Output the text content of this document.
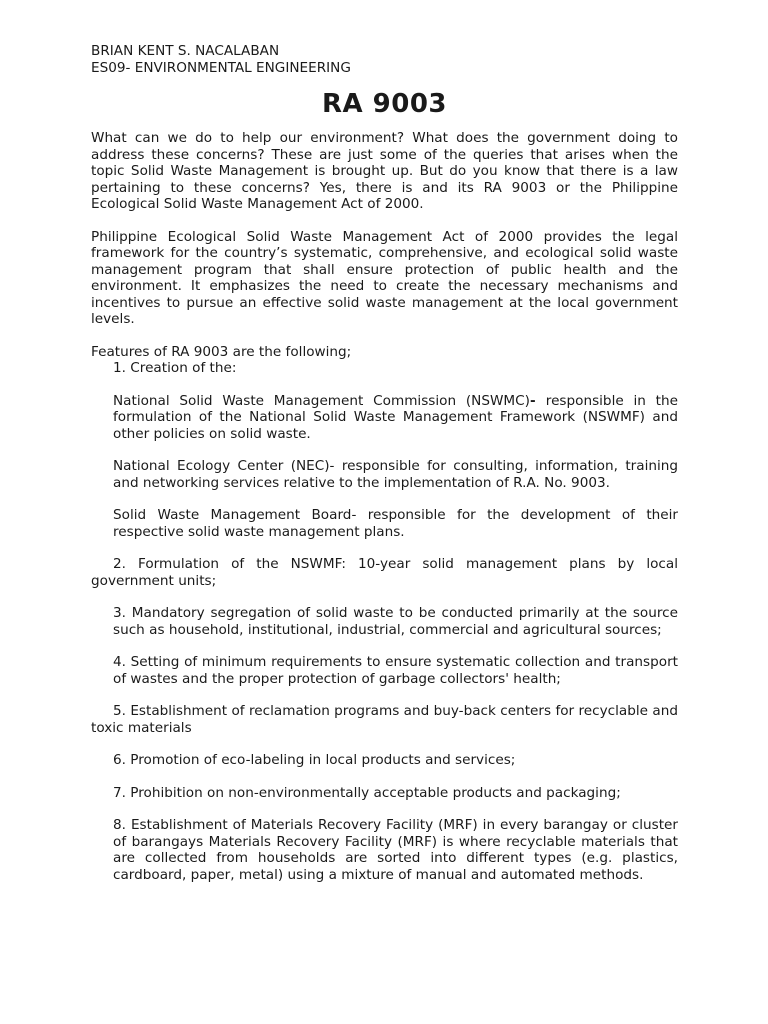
BRIAN KENT S. NACALABAN

ES09- ENVIRONMENTAL ENGINEERING

RA 9003

What can we do to help our environment? What does the government doing to address these concerns? These are just some of the queries that arises when the topic Solid Waste Management is brought up. But do you know that there is a law pertaining to these concerns? Yes, there is and its RA 9003 or the Philippine Ecological Solid Waste Management Act of 2000.

Philippine Ecological Solid Waste Management Act of 2000 provides the legal framework for the country’s systematic, comprehensive, and ecological solid waste management program that shall ensure protection of public health and the environment. It emphasizes the need to create the necessary mechanisms and incentives to pursue an effective solid waste management at the local government levels.

Features of RA 9003 are the following;

1. Creation of the:

National Solid Waste Management Commission (NSWMC)- responsible in the formulation of the National Solid Waste Management Framework (NSWMF) and other policies on solid waste.

National Ecology Center (NEC)- responsible for consulting, information, training and networking services relative to the implementation of R.A. No. 9003.

Solid Waste Management Board- responsible for the development of their respective solid waste management plans.

2. Formulation of the NSWMF: 10-year solid management plans by local government units;

3. Mandatory segregation of solid waste to be conducted primarily at the source such as household, institutional, industrial, commercial and agricultural sources;

4. Setting of minimum requirements to ensure systematic collection and transport of wastes and the proper protection of garbage collectors' health;

5. Establishment of reclamation programs and buy-back centers for recyclable and toxic materials

6. Promotion of eco-labeling in local products and services;

7. Prohibition on non-environmentally acceptable products and packaging;

8. Establishment of Materials Recovery Facility (MRF) in every barangay or cluster of barangays Materials Recovery Facility (MRF) is where recyclable materials that are collected from households are sorted into different types (e.g. plastics, cardboard, paper, metal) using a mixture of manual and automated methods.
